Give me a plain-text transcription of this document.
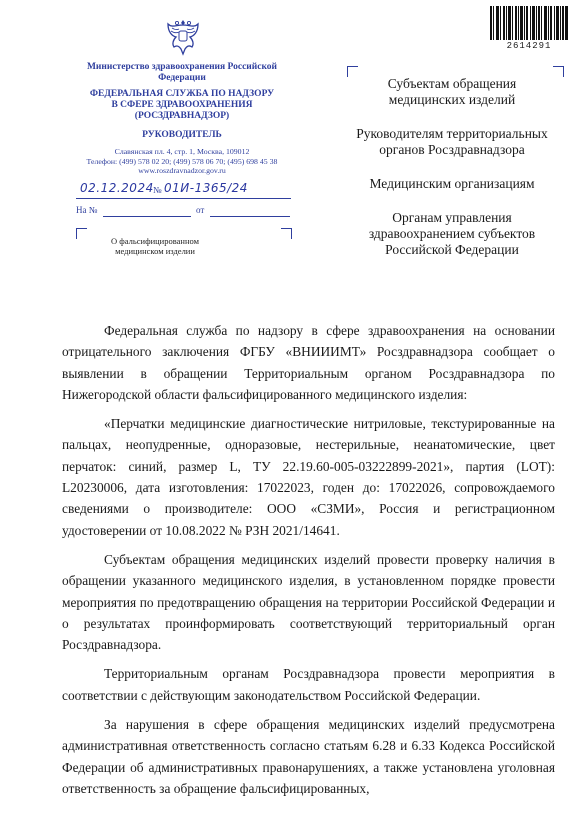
2614291
Министерство здравоохранения Российской Федерации
ФЕДЕРАЛЬНАЯ СЛУЖБА ПО НАДЗОРУ
В СФЕРЕ ЗДРАВООХРАНЕНИЯ
(РОСЗДРАВНАДЗОР)
РУКОВОДИТЕЛЬ
Славянская пл. 4, стр. 1, Москва, 109012
Телефон: (499) 578 02 20; (499) 578 06 70; (495) 698 45 38
www.roszdravnadzor.gov.ru
02.12.2024 № 01И-1365/24
На №	от
О фальсифицированном медицинском изделии

Субъектам обращения медицинских изделий

Руководителям территориальных органов Росздравнадзора

Медицинским организациям

Органам управления здравоохранением субъектов Российской Федерации

Федеральная служба по надзору в сфере здравоохранения на основании отрицательного заключения ФГБУ «ВНИИИМТ» Росздравнадзора сообщает о выявлении в обращении Территориальным органом Росздравнадзора по Нижегородской области фальсифицированного медицинского изделия:

«Перчатки медицинские диагностические нитриловые, текстурированные на пальцах, неопудренные, одноразовые, нестерильные, неанатомические, цвет перчаток: синий, размер L, ТУ 22.19.60-005-03222899-2021», партия (LOT): L20230006, дата изготовления: 17022023, годен до: 17022026, сопровождаемого сведениями о производителе: ООО «СЗМИ», Россия и регистрационном удостоверении от 10.08.2022 № РЗН 2021/14641.

Субъектам обращения медицинских изделий провести проверку наличия в обращении указанного медицинского изделия, в установленном порядке провести мероприятия по предотвращению обращения на территории Российской Федерации и о результатах проинформировать соответствующий территориальный орган Росздравнадзора.

Территориальным органам Росздравнадзора провести мероприятия в соответствии с действующим законодательством Российской Федерации.

За нарушения в сфере обращения медицинских изделий предусмотрена административная ответственность согласно статьям 6.28 и 6.33 Кодекса Российской Федерации об административных правонарушениях, а также установлена уголовная ответственность за обращение фальсифицированных,
